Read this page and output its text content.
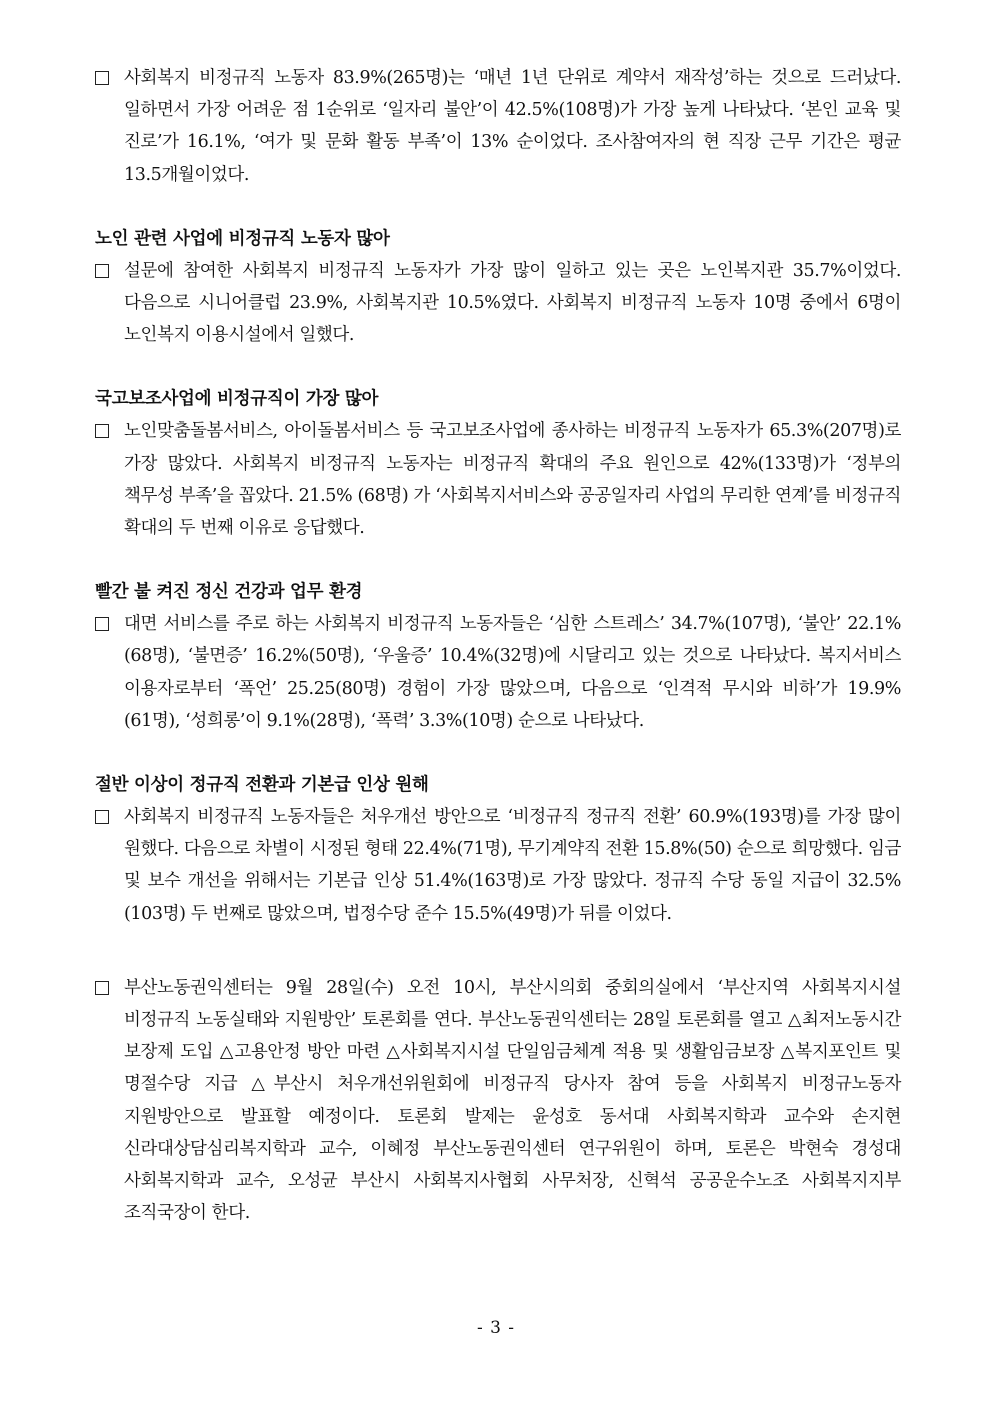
사회복지 비정규직 노동자 83.9%(265명)는 ‘매년 1년 단위로 계약서 재작성’하는 것으로 드러났다. 일하면서 가장 어려운 점 1순위로 ‘일자리 불안’이 42.5%(108명)가 가장 높게 나타났다. ‘본인 교육 및 진로’가 16.1%, ‘여가 및 문화 활동 부족’이 13% 순이었다. 조사참여자의 현 직장 근무 기간은 평균 13.5개월이었다.
노인 관련 사업에 비정규직 노동자 많아
설문에 참여한 사회복지 비정규직 노동자가 가장 많이 일하고 있는 곳은 노인복지관 35.7%이었다. 다음으로 시니어클럽 23.9%, 사회복지관 10.5%였다. 사회복지 비정규직 노동자 10명 중에서 6명이 노인복지 이용시설에서 일했다.
국고보조사업에 비정규직이 가장 많아
노인맞춤돌봄서비스, 아이돌봄서비스 등 국고보조사업에 종사하는 비정규직 노동자가 65.3%(207명)로 가장 많았다. 사회복지 비정규직 노동자는 비정규직 확대의 주요 원인으로 42%(133명)가 ‘정부의 책무성 부족’을 꼽았다. 21.5% (68명) 가 ‘사회복지서비스와 공공일자리 사업의 무리한 연계’를 비정규직 확대의 두 번째 이유로 응답했다.
빨간 불 켜진 정신 건강과 업무 환경
대면 서비스를 주로 하는 사회복지 비정규직 노동자들은 ‘심한 스트레스’ 34.7%(107명), ‘불안’ 22.1%(68명), ‘불면증’ 16.2%(50명), ‘우울증’ 10.4%(32명)에 시달리고 있는 것으로 나타났다. 복지서비스 이용자로부터 ‘폭언’ 25.25(80명) 경험이 가장 많았으며, 다음으로 ‘인격적 무시와 비하’가 19.9%(61명), ‘성희롱’이 9.1%(28명), ‘폭력’ 3.3%(10명) 순으로 나타났다.
절반 이상이 정규직 전환과 기본급 인상 원해
사회복지 비정규직 노동자들은 처우개선 방안으로 ‘비정규직 정규직 전환’ 60.9%(193명)를 가장 많이 원했다. 다음으로 차별이 시정된 형태 22.4%(71명), 무기계약직 전환 15.8%(50) 순으로 희망했다. 임금 및 보수 개선을 위해서는 기본급 인상 51.4%(163명)로 가장 많았다. 정규직 수당 동일 지급이 32.5%(103명) 두 번째로 많았으며, 법정수당 준수 15.5%(49명)가 뒤를 이었다.
부산노동권익센터는 9월 28일(수) 오전 10시, 부산시의회 중회의실에서 ‘부산지역 사회복지시설 비정규직 노동실태와 지원방안’ 토론회를 연다. 부산노동권익센터는 28일 토론회를 열고 △최저노동시간 보장제 도입 △고용안정 방안 마련 △사회복지시설 단일임금체계 적용 및 생활임금보장 △복지포인트 및 명절수당 지급 △부산시 처우개선위원회에 비정규직 당사자 참여 등을 사회복지 비정규노동자 지원방안으로 발표할 예정이다. 토론회 발제는 윤성호 동서대 사회복지학과 교수와 손지현 신라대상담심리복지학과 교수, 이혜정 부산노동권익센터 연구위원이 하며, 토론은 박현숙 경성대 사회복지학과 교수, 오성균 부산시 사회복지사협회 사무처장, 신혁석 공공운수노조 사회복지지부 조직국장이 한다.
- 3 -
